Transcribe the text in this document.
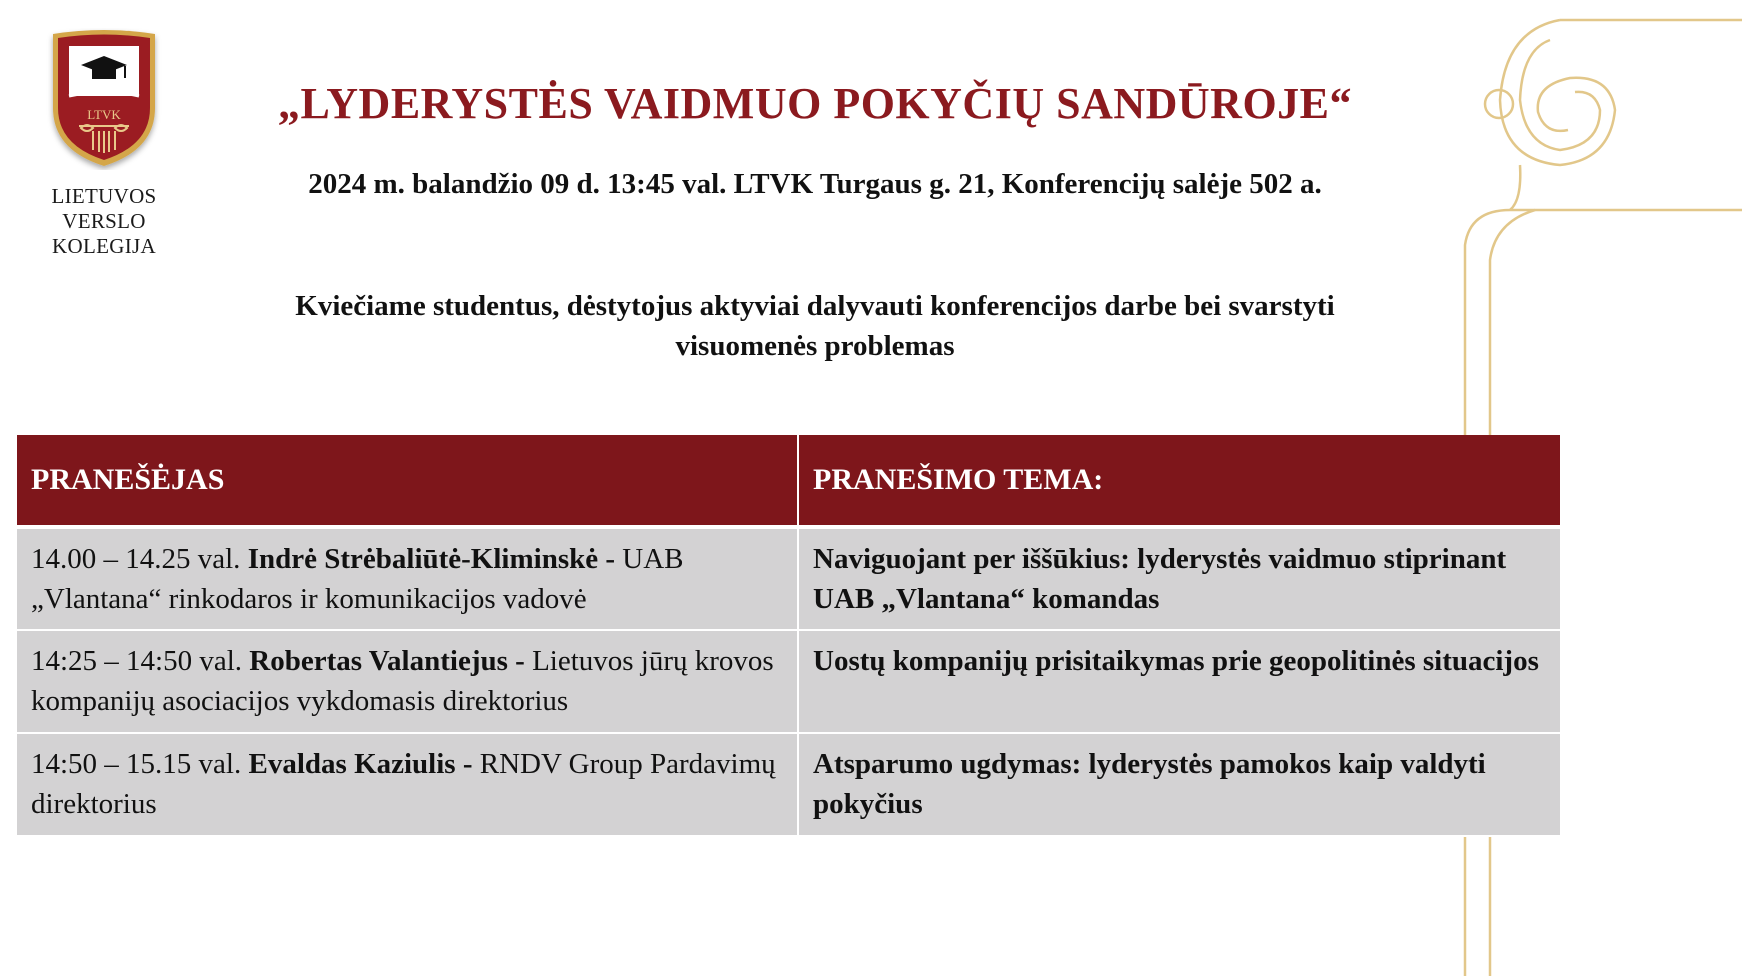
LTVK
LIETUVOS
VERSLO
KOLEGIJA
„LYDERYSTĖS VAIDMUO POKYČIŲ SANDŪROJE“
2024 m. balandžio 09 d. 13:45 val. LTVK Turgaus g. 21, Konferencijų salėje 502 a.
Kviečiame studentus, dėstytojus aktyviai dalyvauti konferencijos darbe bei svarstyti
visuomenės problemas
PRANEŠĖJAS	PRANEŠIMO TEMA:
14.00 – 14.25 val. Indrė Strėbaliūtė-Kliminskė - UAB „Vlantana“ rinkodaros ir komunikacijos vadovė	Naviguojant per iššūkius: lyderystės vaidmuo stiprinant UAB „Vlantana“ komandas
14:25 – 14:50 val. Robertas Valantiejus - Lietuvos jūrų krovos kompanijų asociacijos vykdomasis direktorius	Uostų kompanijų prisitaikymas prie geopolitinės situacijos
14:50 – 15.15 val. Evaldas Kaziulis - RNDV Group Pardavimų direktorius	Atsparumo ugdymas: lyderystės pamokos kaip valdyti pokyčius
